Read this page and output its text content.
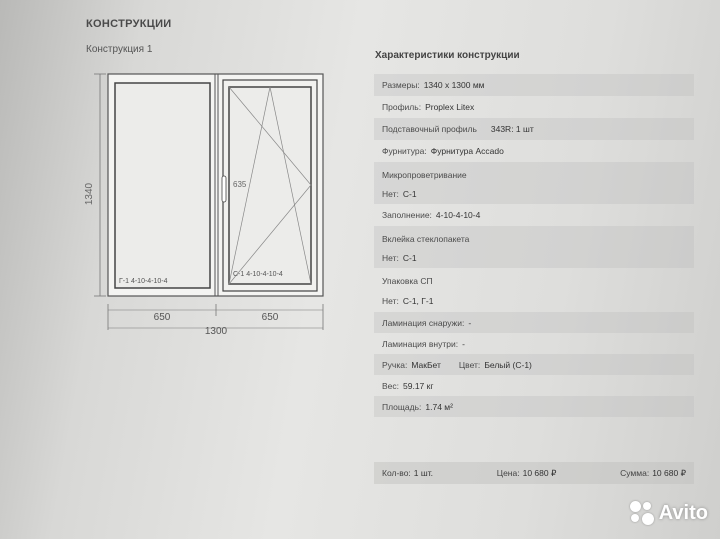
КОНСТРУКЦИИ
Конструкция 1
1340
Г-1 4-10-4-10-4
635
С-1 4-10-4-10-4
650	650
1300
Характеристики конструкции
Размеры: 1340 x 1300 мм
Профиль: Proplex Litex
Подставочный профиль 343R: 1 шт
Фурнитура: Фурнитура Accado
Микропроветривание
Нет: С-1
Заполнение: 4-10-4-10-4
Вклейка стеклопакета
Нет: С-1
Упаковка СП
Нет: С-1, Г-1
Ламинация снаружи: -
Ламинация внутри: -
Ручка: МакБет Цвет: Белый (С-1)
Вес: 59.17 кг
Площадь: 1.74 м²
Кол-во: 1 шт.	Цена: 10 680 ₽	Сумма: 10 680 ₽
Avito
